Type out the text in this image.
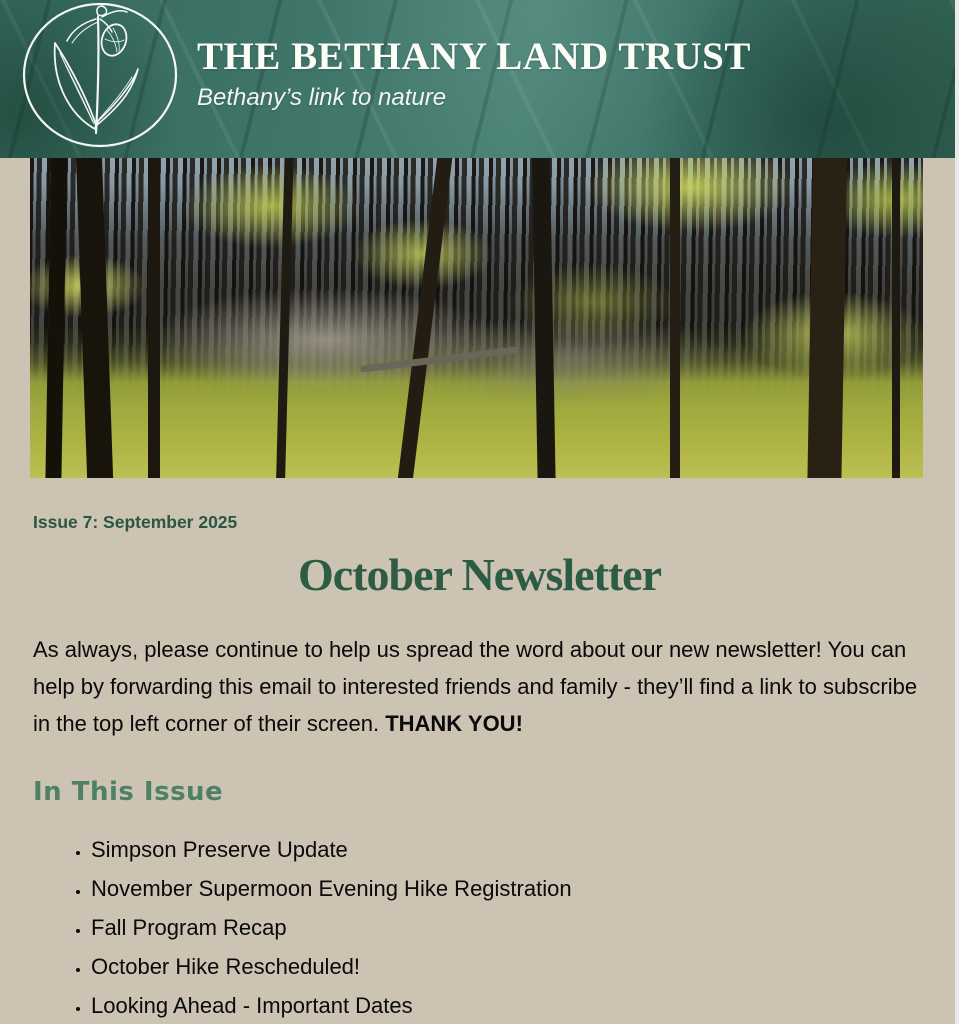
THE BETHANY LAND TRUST
Bethany’s link to nature
Issue 7: September 2025
October Newsletter

As always, please continue to help us spread the word about our new newsletter! You can help by forwarding this email to interested friends and family - they’ll find a link to subscribe in the top left corner of their screen. THANK YOU!

In This Issue
• Simpson Preserve Update
• November Supermoon Evening Hike Registration
• Fall Program Recap
• October Hike Rescheduled!
• Looking Ahead - Important Dates
